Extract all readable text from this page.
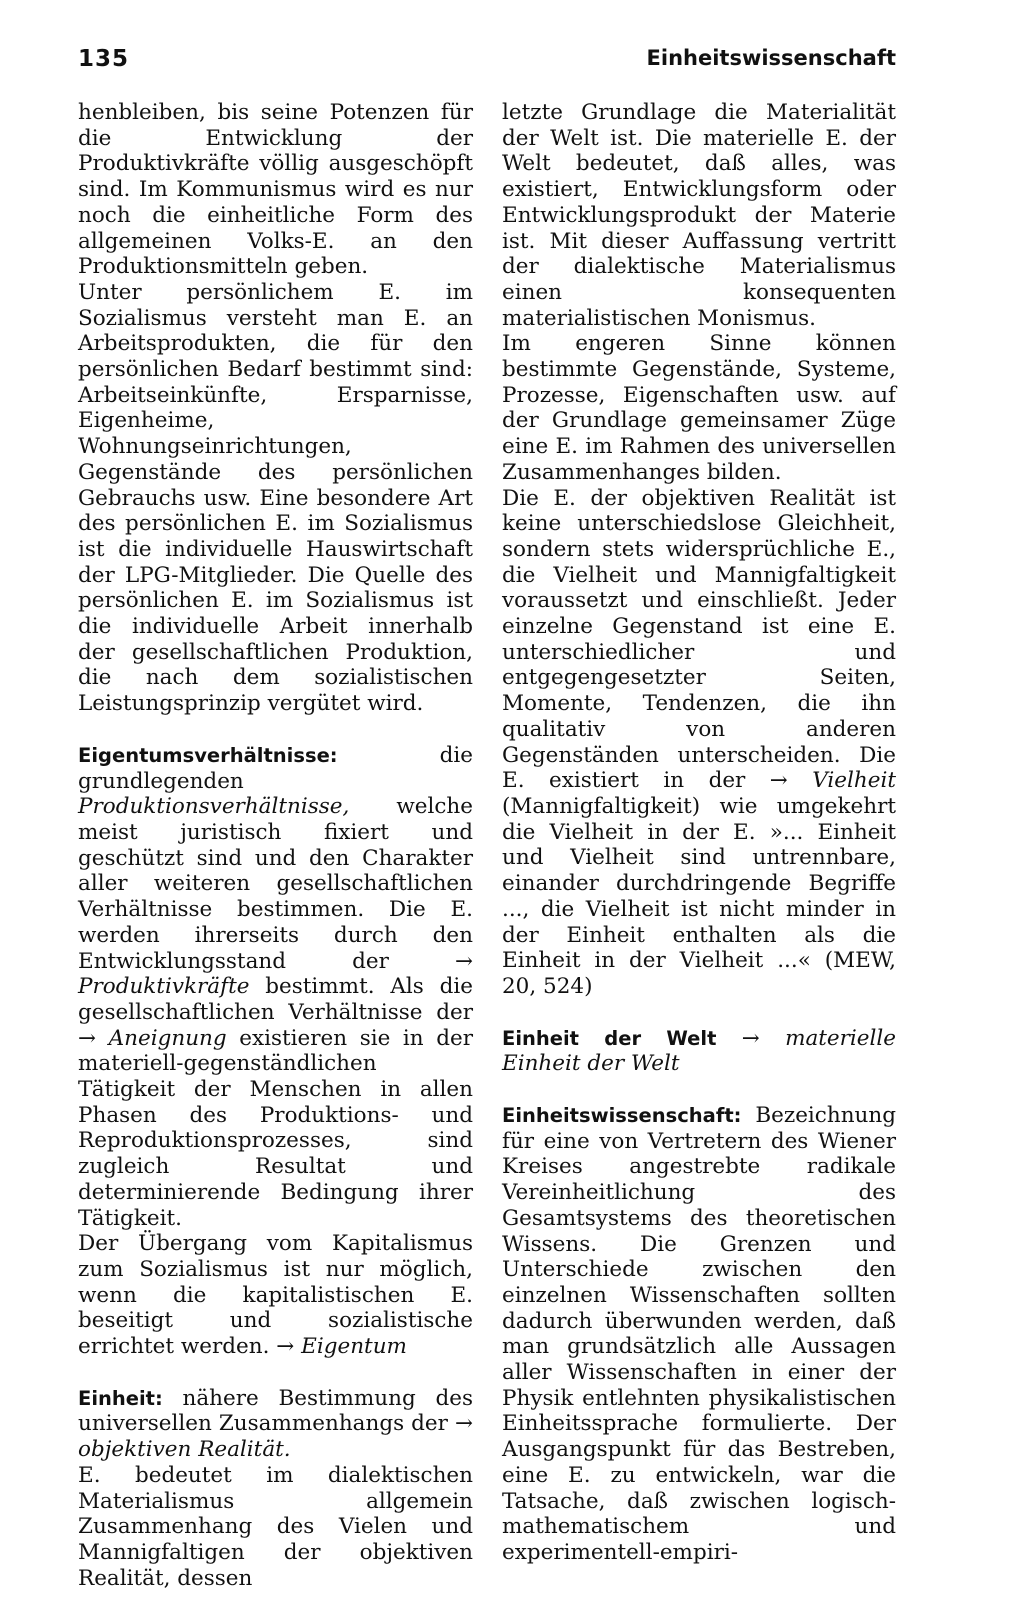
135	Einheitswissenschaft

henbleiben, bis seine Potenzen für die Entwicklung der Produktivkräfte völlig ausgeschöpft sind. Im Kommunismus wird es nur noch die einheitliche Form des allgemeinen Volks-E. an den Produktionsmitteln geben.

Unter persönlichem E. im Sozialismus versteht man E. an Arbeitsprodukten, die für den persönlichen Bedarf bestimmt sind: Arbeitseinkünfte, Ersparnisse, Eigenheime, Wohnungseinrichtungen, Gegenstände des persönlichen Gebrauchs usw. Eine besondere Art des persönlichen E. im Sozialismus ist die individuelle Hauswirtschaft der LPG-Mitglieder. Die Quelle des persönlichen E. im Sozialismus ist die individuelle Arbeit innerhalb der gesellschaftlichen Produktion, die nach dem sozialistischen Leistungsprinzip vergütet wird.

Eigentumsverhältnisse: die grundlegenden Produktionsverhältnisse, welche meist juristisch fixiert und geschützt sind und den Charakter aller weiteren gesellschaftlichen Verhältnisse bestimmen. Die E. werden ihrerseits durch den Entwicklungsstand der → Produktivkräfte bestimmt. Als die gesellschaftlichen Verhältnisse der → Aneignung existieren sie in der materiell-gegenständlichen Tätigkeit der Menschen in allen Phasen des Produktions- und Reproduktionsprozesses, sind zugleich Resultat und determinierende Bedingung ihrer Tätigkeit.

Der Übergang vom Kapitalismus zum Sozialismus ist nur möglich, wenn die kapitalistischen E. beseitigt und sozialistische errichtet werden. → Eigentum

Einheit: nähere Bestimmung des universellen Zusammenhangs der → objektiven Realität.

E. bedeutet im dialektischen Materialismus allgemein Zusammenhang des Vielen und Mannigfaltigen der objektiven Realität, dessen

letzte Grundlage die Materialität der Welt ist. Die materielle E. der Welt bedeutet, daß alles, was existiert, Entwicklungsform oder Entwicklungsprodukt der Materie ist. Mit dieser Auffassung vertritt der dialektische Materialismus einen konsequenten materialistischen Monismus.

Im engeren Sinne können bestimmte Gegenstände, Systeme, Prozesse, Eigenschaften usw. auf der Grundlage gemeinsamer Züge eine E. im Rahmen des universellen Zusammenhanges bilden.

Die E. der objektiven Realität ist keine unterschiedslose Gleichheit, sondern stets widersprüchliche E., die Vielheit und Mannigfaltigkeit voraussetzt und einschließt. Jeder einzelne Gegenstand ist eine E. unterschiedlicher und entgegengesetzter Seiten, Momente, Tendenzen, die ihn qualitativ von anderen Gegenständen unterscheiden. Die E. existiert in der → Vielheit (Mannigfaltigkeit) wie umgekehrt die Vielheit in der E. »... Einheit und Vielheit sind untrennbare, einander durchdringende Begriffe ..., die Vielheit ist nicht minder in der Einheit enthalten als die Einheit in der Vielheit ...« (MEW, 20, 524)

Einheit der Welt → materielle Einheit der Welt

Einheitswissenschaft: Bezeichnung für eine von Vertretern des Wiener Kreises angestrebte radikale Vereinheitlichung des Gesamtsystems des theoretischen Wissens. Die Grenzen und Unterschiede zwischen den einzelnen Wissenschaften sollten dadurch überwunden werden, daß man grundsätzlich alle Aussagen aller Wissenschaften in einer der Physik entlehnten physikalistischen Einheitssprache formulierte. Der Ausgangspunkt für das Bestreben, eine E. zu entwickeln, war die Tatsache, daß zwischen logisch-mathematischem und experimentell-empiri-
